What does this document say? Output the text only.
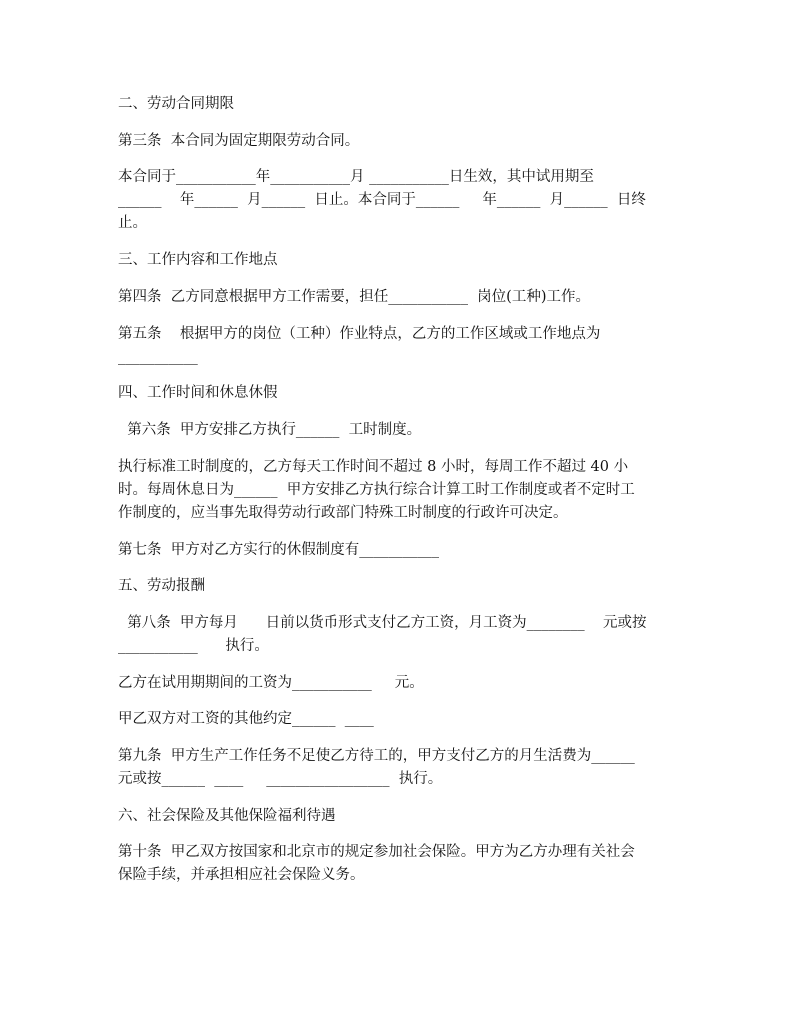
二、劳动合同期限
第三条  本合同为固定期限劳动合同。
本合同于___________年___________月 ___________日生效，其中试用期至
______    年______  月______  日止。本合同于______     年______  月______  日终
止。
三、工作内容和工作地点
第四条  乙方同意根据甲方工作需要，担任___________  岗位(工种)工作。
第五条    根据甲方的岗位（工种）作业特点，乙方的工作区域或工作地点为
___________
四、工作时间和休息休假
第六条  甲方安排乙方执行______  工时制度。
执行标准工时制度的，乙方每天工作时间不超过 8 小时，每周工作不超过 40 小
时。每周休息日为______  甲方安排乙方执行综合计算工时工作制度或者不定时工
作制度的，应当事先取得劳动行政部门特殊工时制度的行政许可决定。
第七条  甲方对乙方实行的休假制度有___________
五、劳动报酬
第八条  甲方每月      日前以货币形式支付乙方工资，月工资为________    元或按
___________      执行。
乙方在试用期期间的工资为___________     元。
甲乙双方对工资的其他约定______  ____
第九条  甲方生产工作任务不足使乙方待工的，甲方支付乙方的月生活费为______
元或按______  ____     _________________  执行。
六、社会保险及其他保险福利待遇
第十条  甲乙双方按国家和北京市的规定参加社会保险。甲方为乙方办理有关社会
保险手续，并承担相应社会保险义务。
